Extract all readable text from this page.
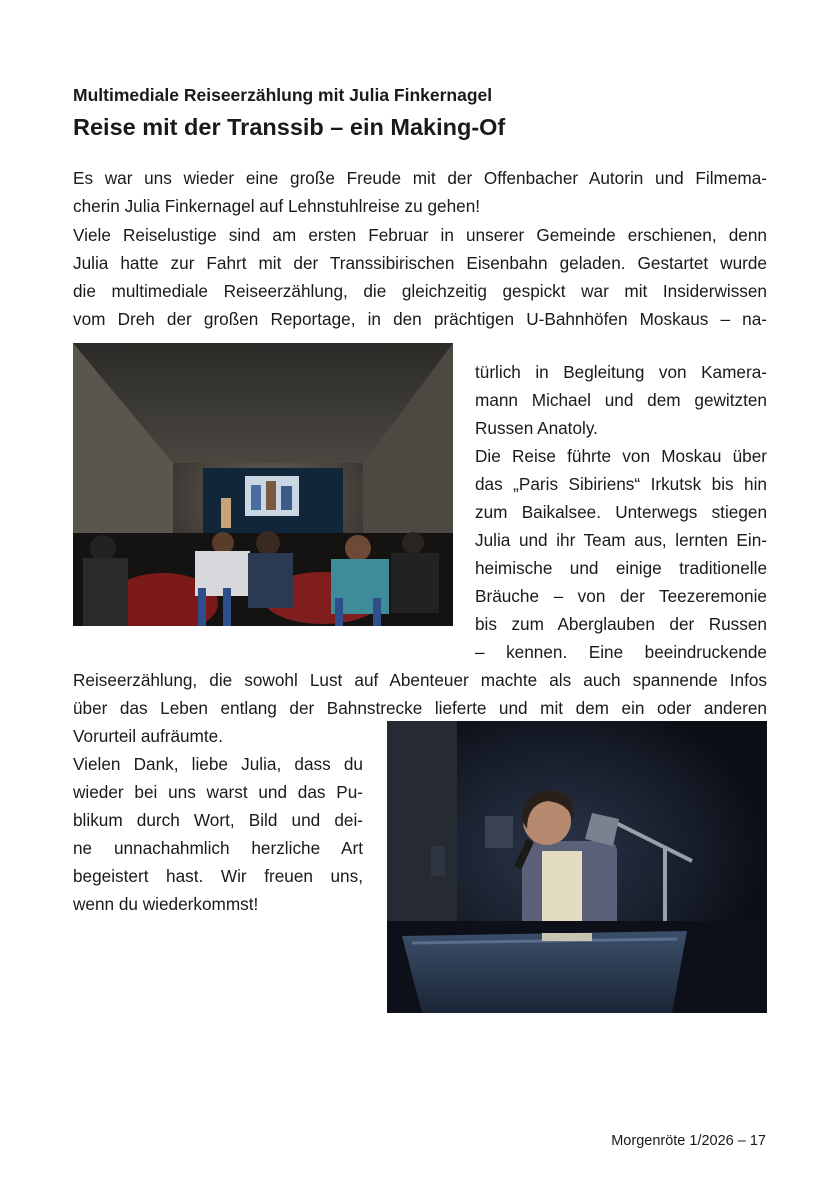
Multimediale Reiseerzählung mit Julia Finkernagel

Reise mit der Transsib – ein Making-Of

Es war uns wieder eine große Freude mit der Offenbacher Autorin und Filmema-

cherin Julia Finkernagel auf Lehnstuhlreise zu gehen!

Viele Reiselustige sind am ersten Februar in unserer Gemeinde erschienen, denn

Julia hatte zur Fahrt mit der Transsibirischen Eisenbahn geladen. Gestartet wurde

die multimediale Reiseerzählung, die gleichzeitig gespickt war mit Insiderwissen

vom Dreh der großen Reportage, in den prächtigen U-Bahnhöfen Moskaus – na-

türlich in Begleitung von Kamera-

mann Michael und dem gewitzten

Russen Anatoly.

Die Reise führte von Moskau über

das „Paris Sibiriens“ Irkutsk bis hin

zum Baikalsee. Unterwegs stiegen

Julia und ihr Team aus, lernten Ein-

heimische und einige traditionelle

Bräuche – von der Teezeremonie

bis zum Aberglauben der Russen

– kennen. Eine beeindruckende

Reiseerzählung, die sowohl Lust auf Abenteuer machte als auch spannende Infos

über das Leben entlang der Bahnstrecke lieferte und mit dem ein oder anderen

Vorurteil aufräumte.

Vielen Dank, liebe Julia, dass du

wieder bei uns warst und das Pu-

blikum durch Wort, Bild und dei-

ne unnachahmlich herzliche Art

begeistert hast. Wir freuen uns,

wenn du wiederkommst!

Morgenröte 1/2026 – 17
